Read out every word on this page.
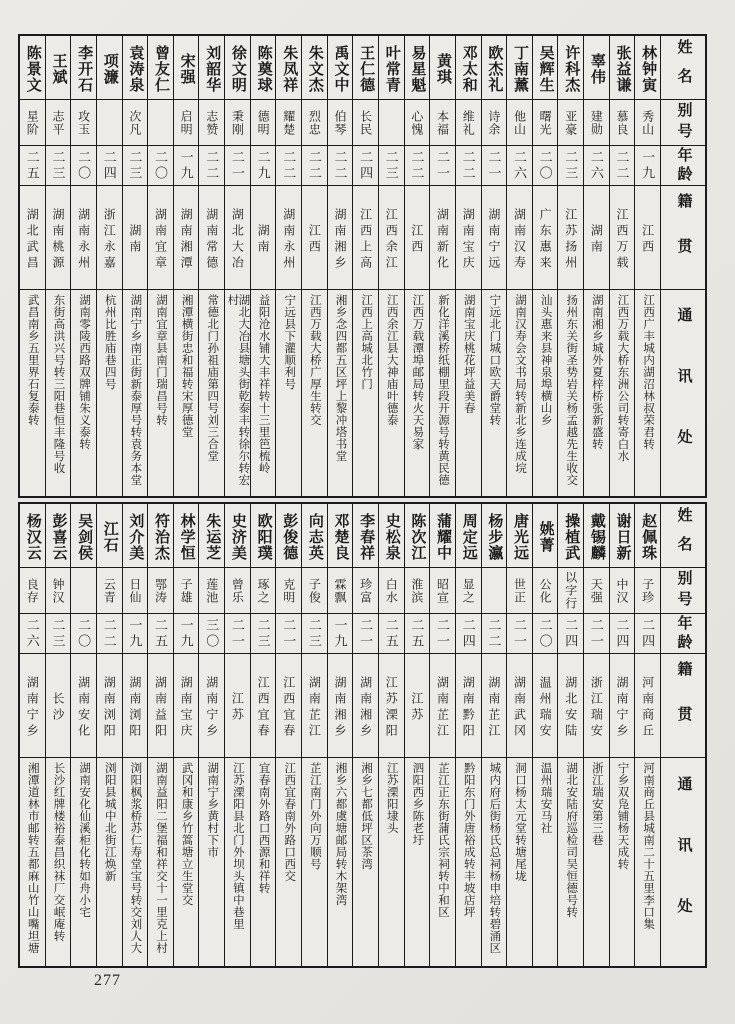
姓名
别号
年龄
籍贯
通讯处
林钟寅
秀山
一九
江西
江西广丰城内湖沼林叔荣君转
张益谦
慕良
二二
江西万载
江西万载大桥东洲公司转寄白水
辜伟
建勋
二六
湖南
湖南湘乡城外夏梓桥张新盛转
许科杰
亚豪
二三
江苏扬州
扬州东关街圣势岩关杨孟越先生收交
吴辉生
曙光
二〇
广东惠来
汕头惠来县神泉埠横山乡
丁南薰
他山
二六
湖南汉寿
湖南汉寿会文书局转新北乡连成垸
欧杰礼
诗余
二一
湖南宁远
宁远北门城口欧天爵堂转
邓太和
维礼
二二
湖南宝庆
湖南宝庆桃花坪益美春
黄琪
本福
二一
湖南新化
新化洋溪桥纸棚里段开源号转黄民德
易星魁
心愧
二二
江西
江西万载潭埠邮局转火天易家
叶常青
二三
江西余江
江西余江县大神庙叶德泰
王仁德
长民
二四
江西上高
江西上高城北竹门
禹文中
伯琴
二二
湖南湘乡
湘乡念四都五区坪上黎冲塔书堂
朱文杰
烈忠
二二
江西
江西万载大桥广厚生转交
朱凤祥
耀楚
二二
湖南永州
宁远县下灌顺利号
陈奠球
德明
二九
湖南
益阳沧水铺大丰祥转十三里笆梳岭
徐文明
秉刚
二一
湖北大冶
湖北大冶县塘头街乾泰丰转徐尔转宏村
刘韶华
志赞
二二
湖南常德
常德北门孙祖庙第四号刘三合堂
宋强
启明
一九
湖南湘潭
湘潭横街忠和福转宋厚德堂
曾友仁
二〇
湖南宜章
湖南宜章县南门瑞昌号转
袁涛泉
次凡
二三
湖南
湖南宁乡南正街新泰厚号转袁务本堂
项濂
二四
浙江永嘉
杭州比胜庙巷四号
李开石
攻玉
二〇
湖南永州
湖南零陵西路双牌铺朱义泰转
王斌
志平
二三
湖南桃源
东街高洪兴号转三阳巷恒丰隆号收
陈景文
星阶
二五
湖北武昌
武昌南乡五里界石复泰转
姓名
别号
年龄
籍贯
通讯处
赵佩珠
子珍
二四
河南商丘
河南商丘县城南二十五里李口集
谢日新
中汉
二四
湖南宁乡
宁乡双凫铺杨天成转
戴锡麟
天强
二一
浙江瑞安
浙江瑞安第三巷
操植武
以字行
二四
湖北安陆
湖北安陆府巡检司吴恒德号转
姚菁
公化
二〇
温州瑞安
温州瑞安马社
唐光远
世正
二一
湖南武冈
洞口杨太元堂转塘尾垅
杨步瀛
二二
湖南芷江
城内府后街杨氏总祠杨申培转碧涌区
周定远
显之
二四
湖南黔阳
黔阳东门外唐裕成转丰坡店坪
蒲耀中
昭宣
二一
湖南芷江
芷江正东街蒲氏宗祠转中和区
陈次江
淮滨
二五
江苏
泗阳西乡陈老圩
史松泉
白水
二五
江苏溧阳
江苏溧阳埭头
李春祥
珍富
二一
湖南湘乡
湘乡七都低坪区茶湾
邓楚良
霖飘
一九
湖南湘乡
湘乡六都虞塘邮局转木架湾
向志英
子俊
二三
湖南芷江
芷江南门外向万顺号
彭俊德
克明
二一
江西宜春
江西宜春南外路口西交
欧阳璞
琢之
二三
江西宜春
宜春南外路口西源和祥转
史济美
曾乐
二一
江苏
江苏溧阳县北门外坝头镇中巷里
朱运芝
莲池
三〇
湖南宁乡
湖南宁乡黄村下市
林学恒
子雄
一九
湖南宝庆
武冈和康乡竹篙塘立生堂交
符治杰
鄂涛
二五
湖南益阳
湖南益阳二堡福和祥交十一里克上村
刘介美
日仙
一九
湖南浏阳
浏阳枫浆桥苏仁寿堂宝号转交刘人大
江石
云青
二二
湖南浏阳
浏阳县城中北街江焕新
吴剑侯
二〇
湖南安化
湖南安化仙溪柜化转如舟小宅
彭喜云
钟汉
二三
长沙
长沙红牌楼裕泰昌织袜厂交岷庵转
杨汉云
良存
二六
湖南宁乡
湘潭道林市邮转五都麻山竹山嘴坦塘
277
